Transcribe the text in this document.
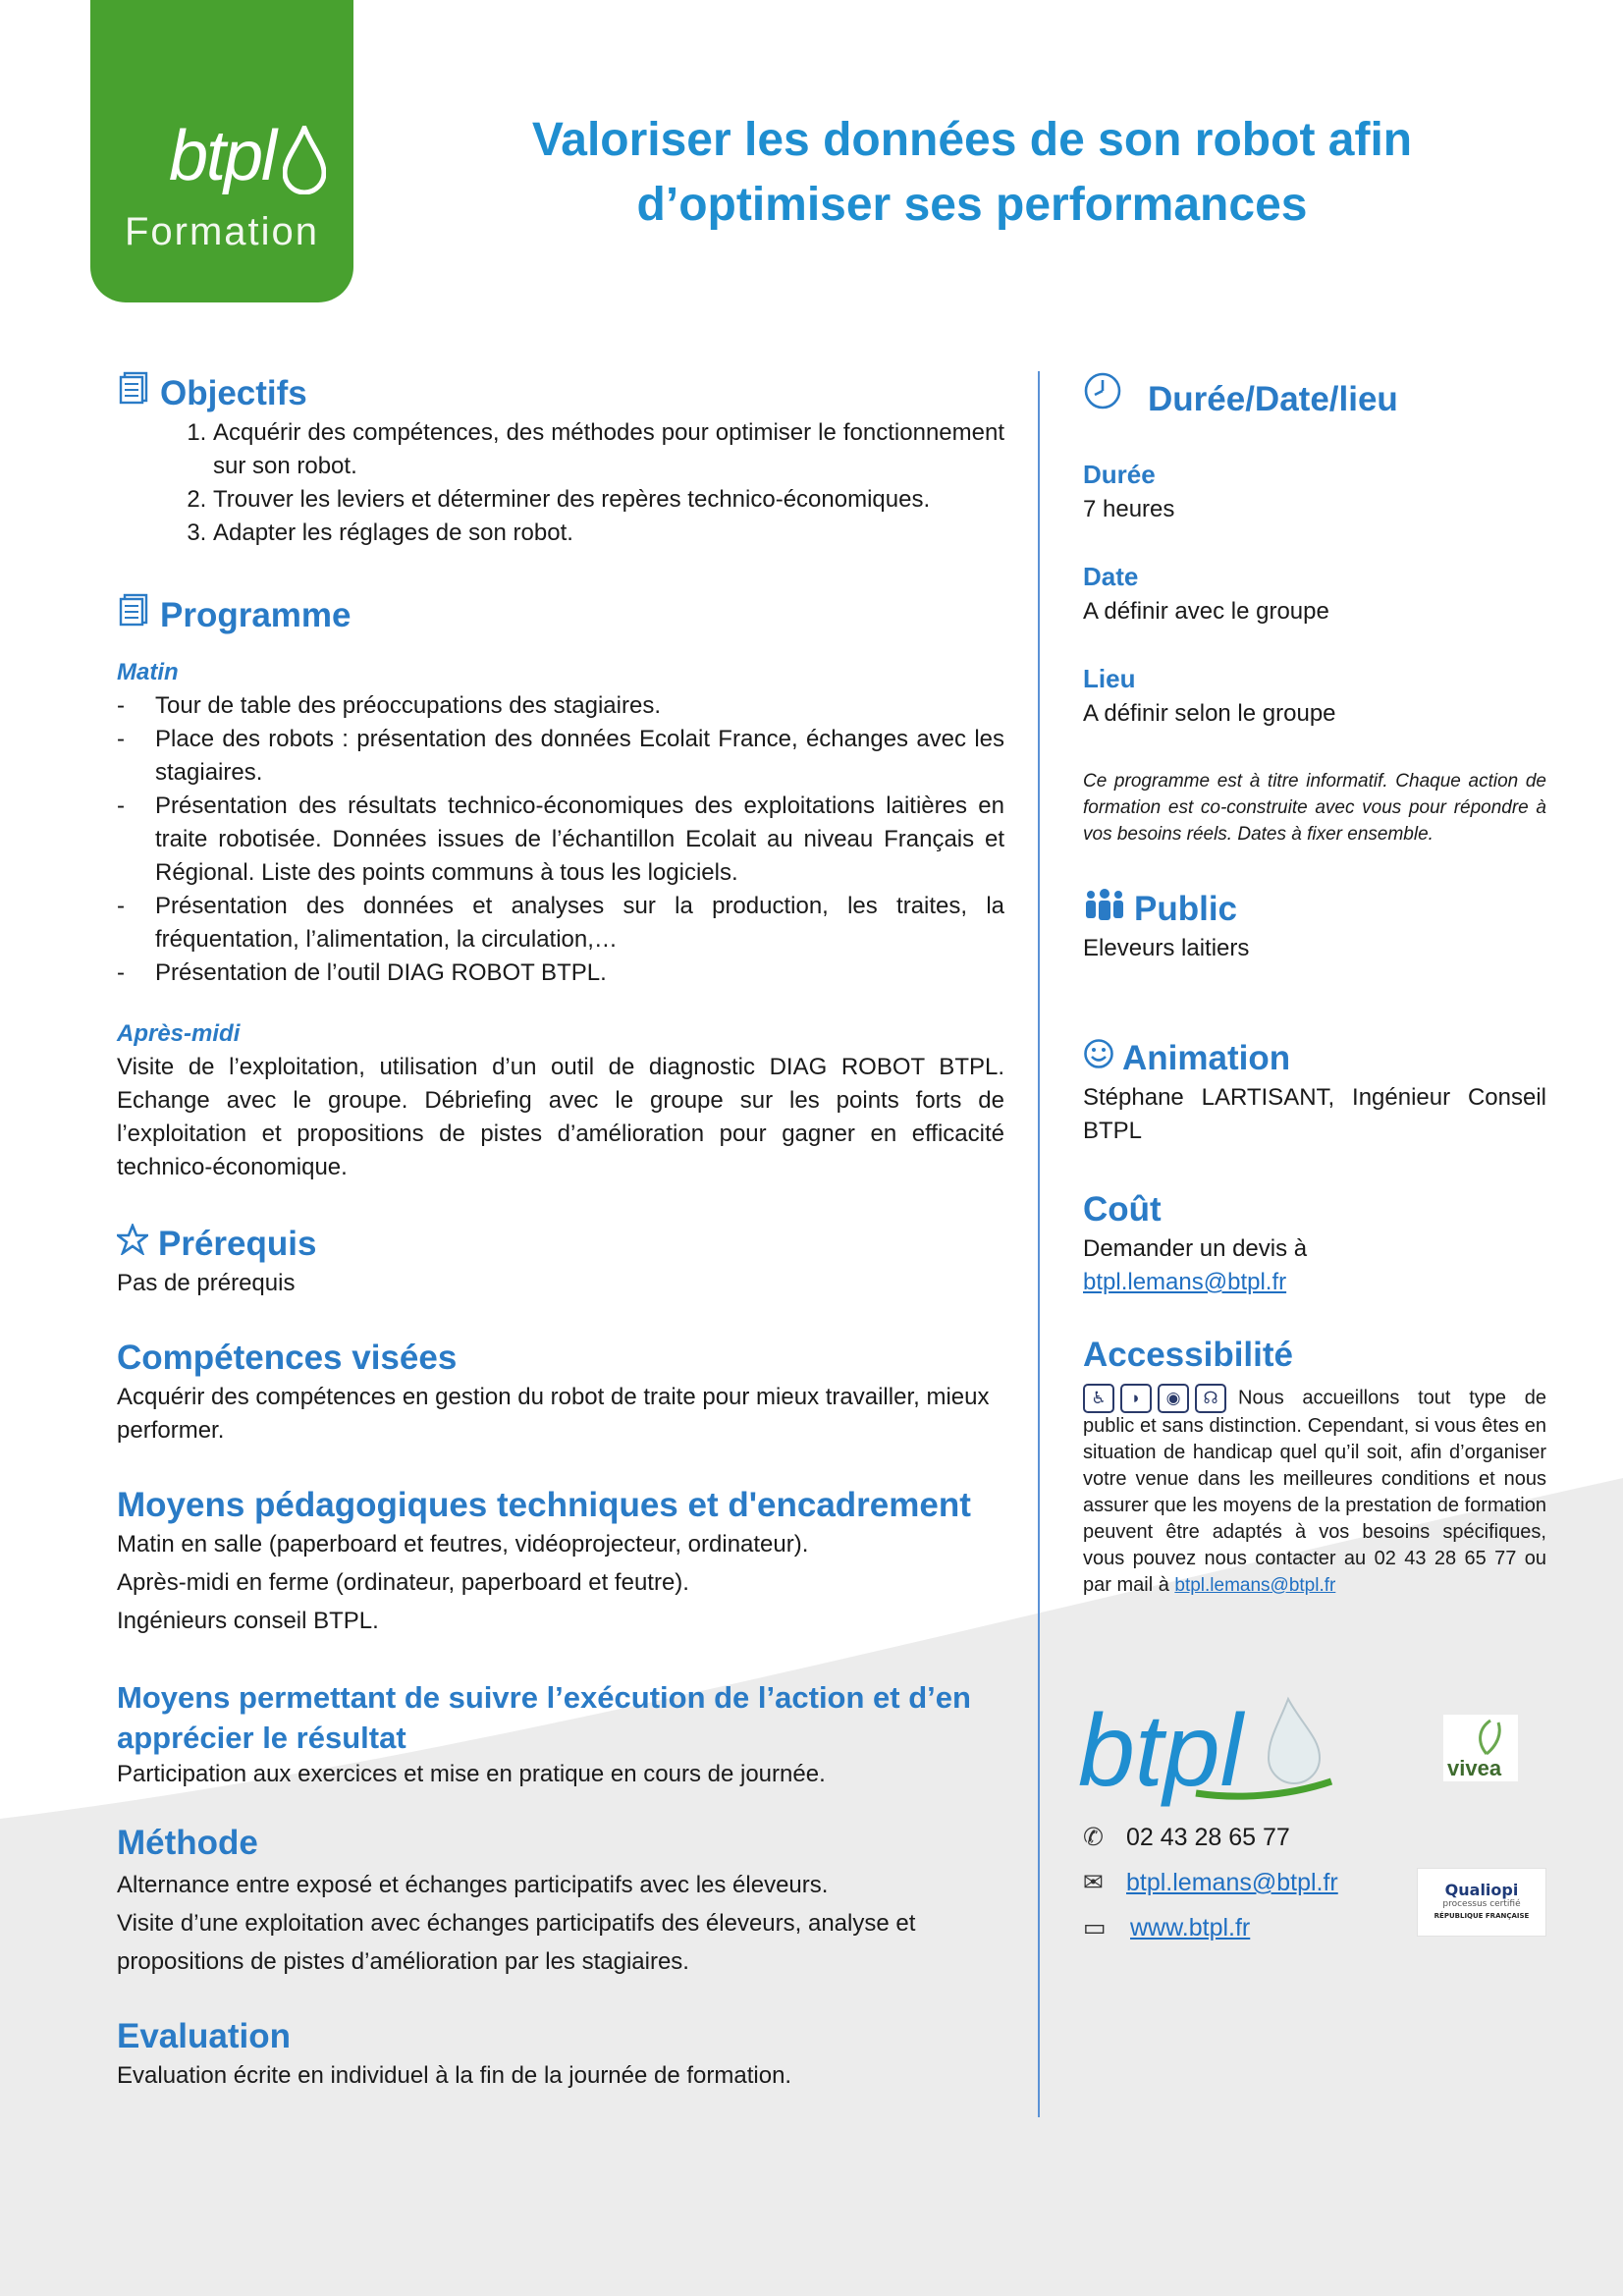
btpl
Formation
Valoriser les données de son robot afin
d’optimiser ses performances
Objectifs
1. Acquérir des compétences, des méthodes pour optimiser le fonctionnement sur son robot.
2. Trouver les leviers et déterminer des repères technico-économiques.
3. Adapter les réglages de son robot.
Programme

Matin

- Tour de table des préoccupations des stagiaires.
- Place des robots : présentation des données Ecolait France, échanges avec les stagiaires.
- Présentation des résultats technico-économiques des exploitations laitières en traite robotisée. Données issues de l’échantillon Ecolait au niveau Français et Régional. Liste des points communs à tous les logiciels.
- Présentation des données et analyses sur la production, les traites, la fréquentation, l’alimentation, la circulation,…
- Présentation de l’outil DIAG ROBOT BTPL.

Après-midi

Visite de l’exploitation, utilisation d’un outil de diagnostic DIAG ROBOT BTPL. Echange avec le groupe. Débriefing avec le groupe sur les points forts de l’exploitation et propositions de pistes d’amélioration pour gagner en efficacité technico-économique.

Prérequis

Pas de prérequis

Compétences visées

Acquérir des compétences en gestion du robot de traite pour mieux travailler, mieux performer.

Moyens pédagogiques techniques et d'encadrement

Matin en salle (paperboard et feutres, vidéoprojecteur, ordinateur).

Après-midi en ferme (ordinateur, paperboard et feutre).

Ingénieurs conseil BTPL.

Moyens permettant de suivre l’exécution de l’action et d’en
apprécier le résultat

Participation aux exercices et mise en pratique en cours de journée.

Méthode

Alternance entre exposé et échanges participatifs avec les éleveurs.

Visite d’une exploitation avec échanges participatifs des éleveurs, analyse et propositions de pistes d’amélioration par les stagiaires.

Evaluation

Evaluation écrite en individuel à la fin de la journée de formation.

Durée/Date/lieu

Durée

7 heures

Date

A définir avec le groupe

Lieu

A définir selon le groupe

Ce programme est à titre informatif. Chaque action de formation est co-construite avec vous pour répondre à vos besoins réels. Dates à fixer ensemble.

Public

Eleveurs laitiers

Animation

Stéphane LARTISANT, Ingénieur Conseil BTPL

Coût

Demander un devis à

btpl.lemans@btpl.fr

Accessibilité

♿ ◗ ◉ ☊ Nous accueillons tout type de public et sans distinction. Cependant, si vous êtes en situation de handicap quel qu’il soit, afin d’organiser votre venue dans les meilleures conditions et nous assurer que les moyens de la prestation de formation peuvent être adaptés à vos besoins spécifiques, vous pouvez nous contacter au 02 43 28 65 77 ou par mail à btpl.lemans@btpl.fr

btpl	vivea
✆ 02 43 28 65 77
✉ btpl.lemans@btpl.fr
▭ www.btpl.fr
Qualiopi
processus certifié
RÉPUBLIQUE FRANÇAISE
